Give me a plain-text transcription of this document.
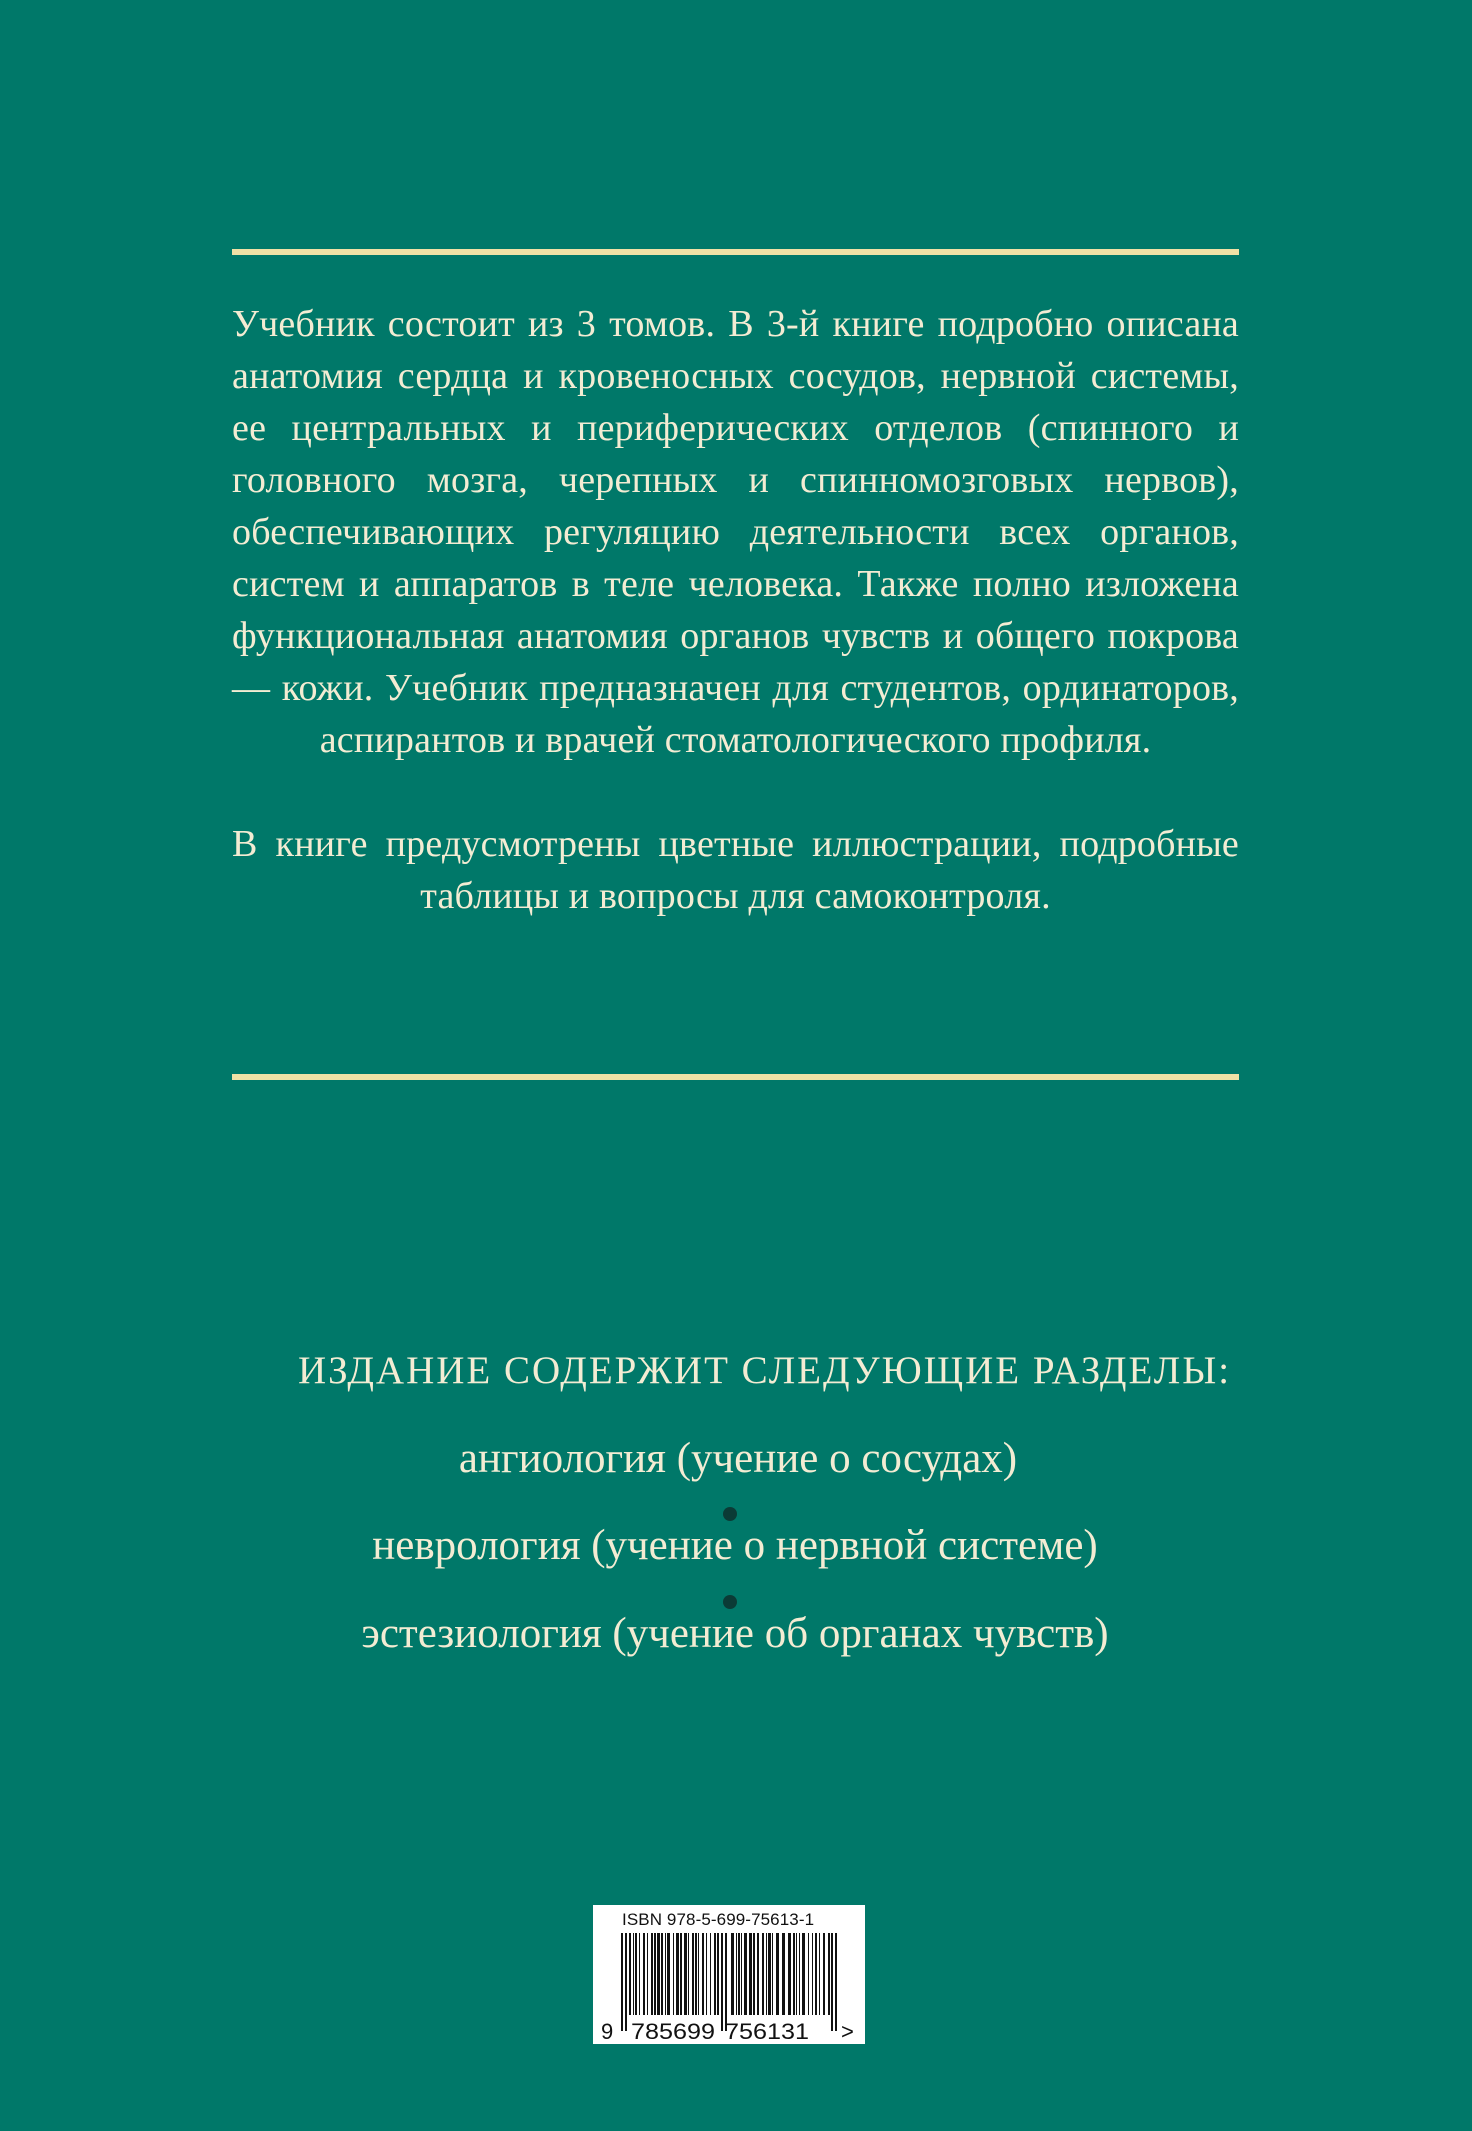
Учебник состоит из 3 томов. В 3-й книге подробно описана анатомия сердца и кровеносных сосудов, нервной системы, ее центральных и периферических отделов (спинного и головного мозга, черепных и спинномозговых нервов), обеспечивающих регуляцию деятельности всех органов, систем и аппаратов в теле человека. Также полно изложена функциональная анатомия органов чувств и общего покрова — кожи. Учебник предназначен для студентов, ординаторов, аспирантов и врачей стоматологического профиля.

В книге предусмотрены цветные иллюстрации, подробные таблицы и вопросы для самоконтроля.

ИЗДАНИЕ СОДЕРЖИТ СЛЕДУЮЩИЕ РАЗДЕЛЫ:
ангиология (учение о сосудах)
неврология (учение о нервной системе)
эстезиология (учение об органах чувств)
ISBN 978-5-699-75613-1
9 785699 756131 >
